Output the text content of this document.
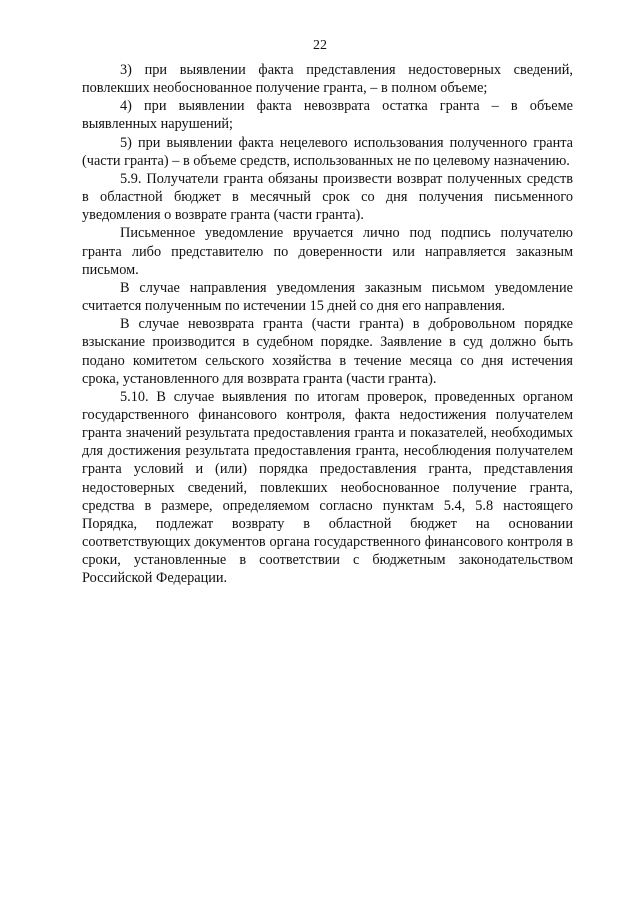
22

3) при выявлении факта представления недостоверных сведений, повлекших необоснованное получение гранта, – в полном объеме;

4) при выявлении факта невозврата остатка гранта – в объеме выявленных нарушений;

5) при выявлении факта нецелевого использования полученного гранта (части гранта) – в объеме средств, использованных не по целевому назначению.

5.9. Получатели гранта обязаны произвести возврат полученных средств в областной бюджет в месячный срок со дня получения письменного уведомления о возврате гранта (части гранта).

Письменное уведомление вручается лично под подпись получателю гранта либо представителю по доверенности или направляется заказным письмом.

В случае направления уведомления заказным письмом уведомление считается полученным по истечении 15 дней со дня его направления.

В случае невозврата гранта (части гранта) в добровольном порядке взыскание производится в судебном порядке. Заявление в суд должно быть подано комитетом сельского хозяйства в течение месяца со дня истечения срока, установленного для возврата гранта (части гранта).

5.10. В случае выявления по итогам проверок, проведенных органом государственного финансового контроля, факта недостижения получателем гранта значений результата предоставления гранта и показателей, необходимых для достижения результата предоставления гранта, несоблюдения получателем гранта условий и (или) порядка предоставления гранта, представления недостоверных сведений, повлекших необоснованное получение гранта, средства в размере, определяемом согласно пунктам 5.4, 5.8 настоящего Порядка, подлежат возврату в областной бюджет на основании соответствующих документов органа государственного финансового контроля в сроки, установленные в соответствии с бюджетным законодательством Российской Федерации.
